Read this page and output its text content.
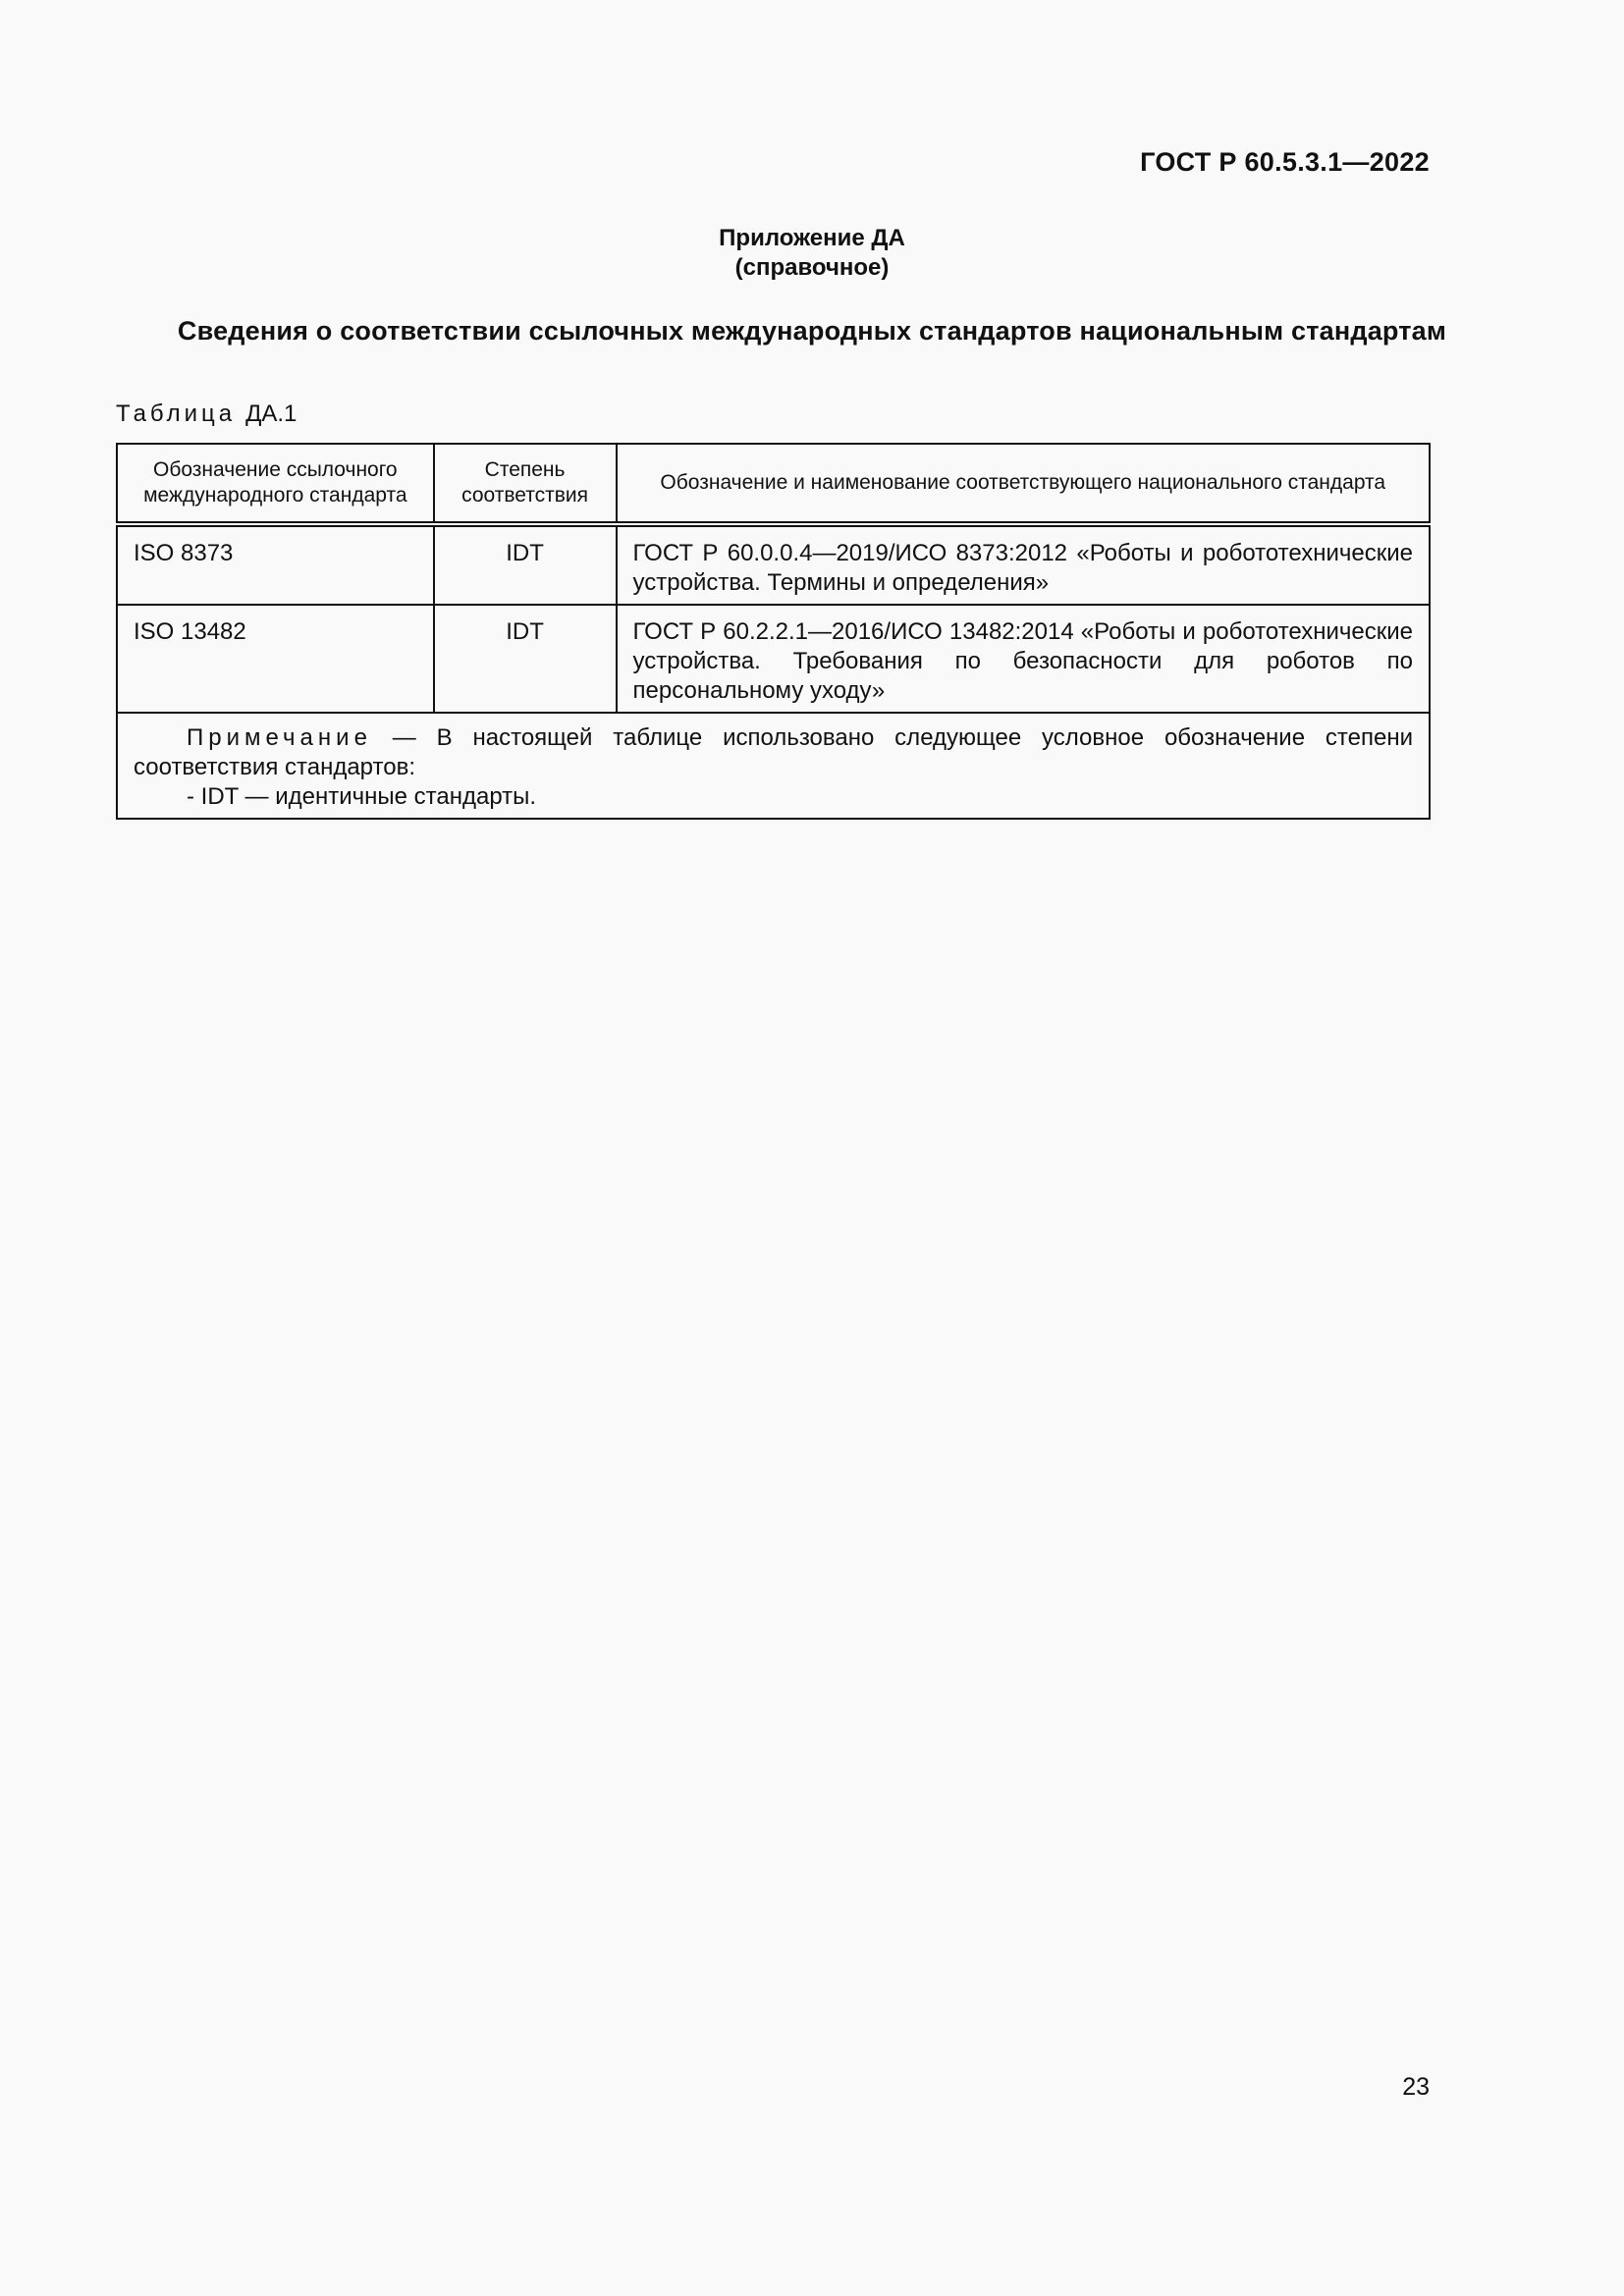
ГОСТ Р 60.5.3.1—2022
Приложение ДА
(справочное)
Сведения о соответствии ссылочных международных стандартов национальным стандартам
Таблица ДА.1
Обозначение ссылочного международного стандарта	Степень соответствия	Обозначение и наименование соответствующего национального стандарта
ISO 8373	IDT	ГОСТ Р 60.0.0.4—2019/ИСО 8373:2012 «Роботы и робототехничеcкие устройства. Термины и определения»
ISO 13482	IDT	ГОСТ Р 60.2.2.1—2016/ИСО 13482:2014 «Роботы и робототехничеcкие устройства. Требования по безопасности для роботов по персональному уходу»

Примечание — В настоящей таблице использовано следующее условное обозначение степени соответствия стандартов:
- IDT — идентичные стандарты.		
23
